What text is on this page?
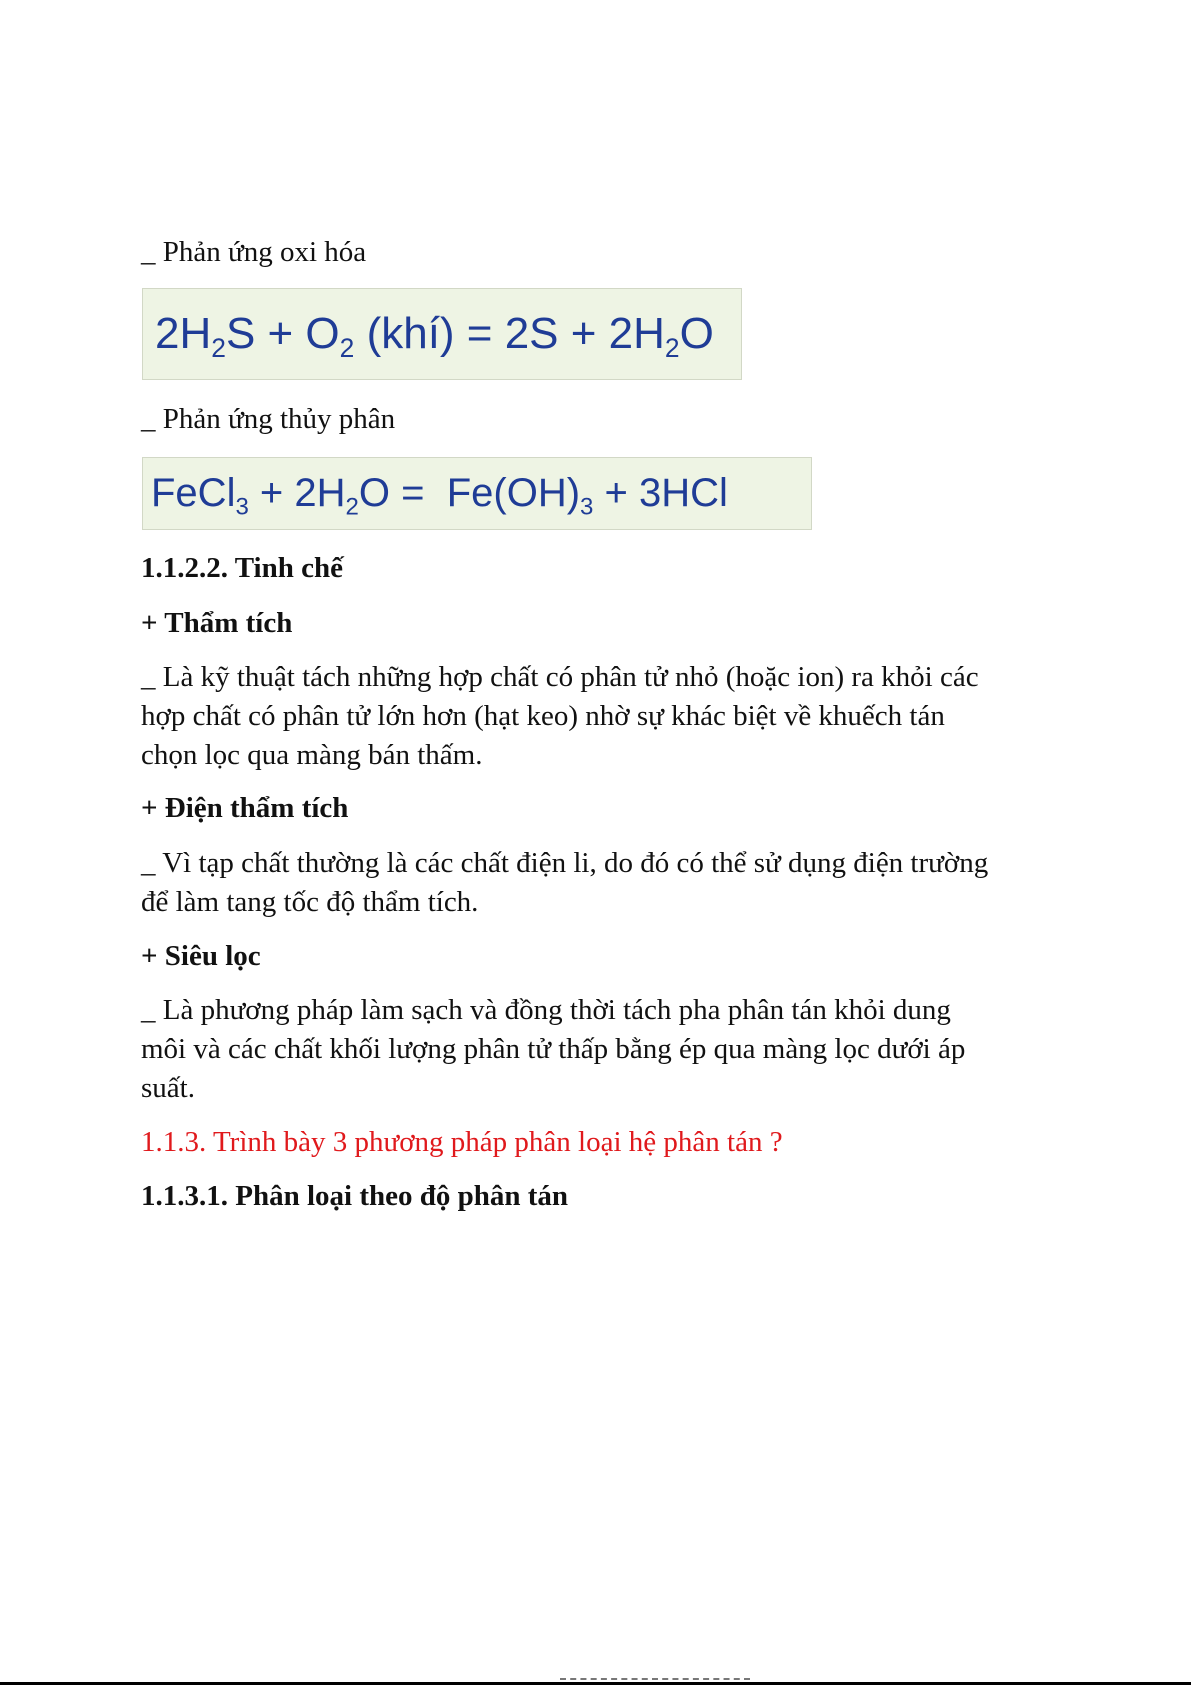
_ Phản ứng oxi hóa

$2H_2S + O_2$ (khí) = $2S + 2H_2O$

_ Phản ứng thủy phân

FeCl$_3$ + $2H_2O = Fe(OH)_3 + 3HCl$

1.1.2.2. Tinh chế

+ Thẩm tích

_ Là kỹ thuật tách những hợp chất có phân tử nhỏ (hoặc ion) ra khỏi các

hợp chất có phân tử lớn hơn (hạt keo) nhờ sự khác biệt về khuếch tán

chọn lọc qua màng bán thấm.

+ Điện thẩm tích

_ Vì tạp chất thường là các chất điện li, do đó có thể sử dụng điện trường

để làm tang tốc độ thẩm tích.

+ Siêu lọc

_ Là phương pháp làm sạch và đồng thời tách pha phân tán khỏi dung

môi và các chất khối lượng phân tử thấp bằng ép qua màng lọc dưới áp

suất.

1.1.3. Trình bày 3 phương pháp phân loại hệ phân tán ?

1.1.3.1. Phân loại theo độ phân tán
